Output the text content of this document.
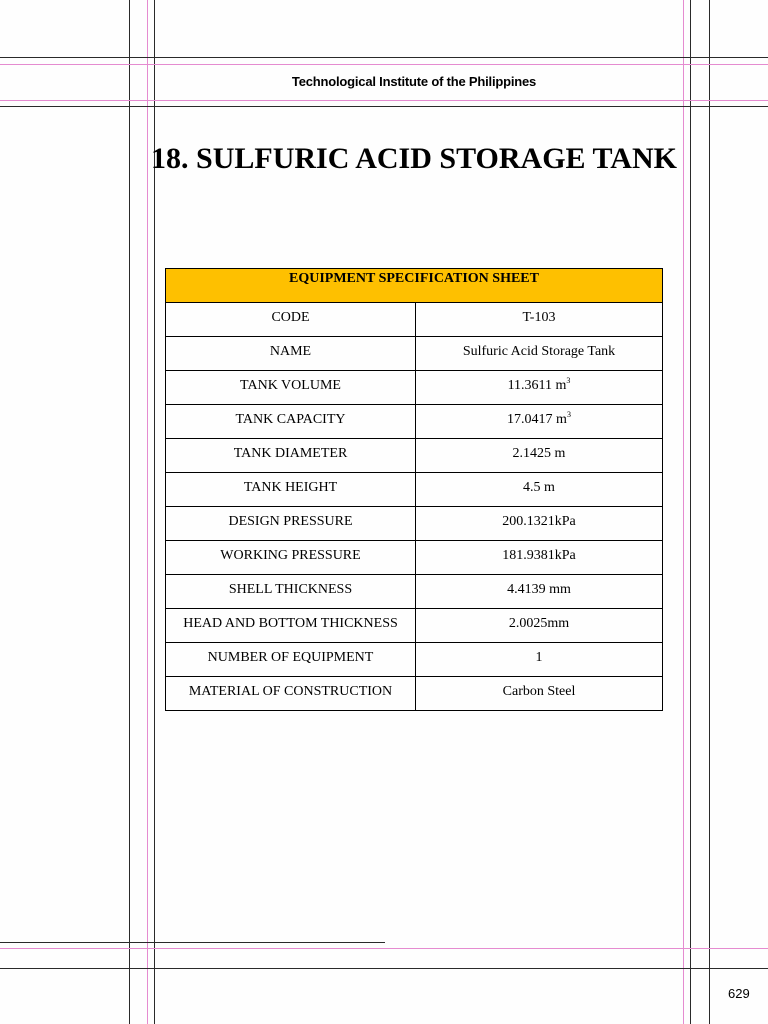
Technological Institute of the Philippines
18. SULFURIC ACID STORAGE TANK
EQUIPMENT SPECIFICATION SHEET	

CODE	T-103

NAME	Sulfuric Acid Storage Tank

TANK VOLUME	11.3611 $m^3$

TANK CAPACITY	17.0417 $m^3$

TANK DIAMETER	2.1425 m

TANK HEIGHT	4.5 m

DESIGN PRESSURE	200.1321kPa

WORKING PRESSURE	181.9381kPa

SHELL THICKNESS	4.4139 mm

HEAD AND BOTTOM THICKNESS	2.0025mm

NUMBER OF EQUIPMENT	1

MATERIAL OF CONSTRUCTION	Carbon Steel
629
